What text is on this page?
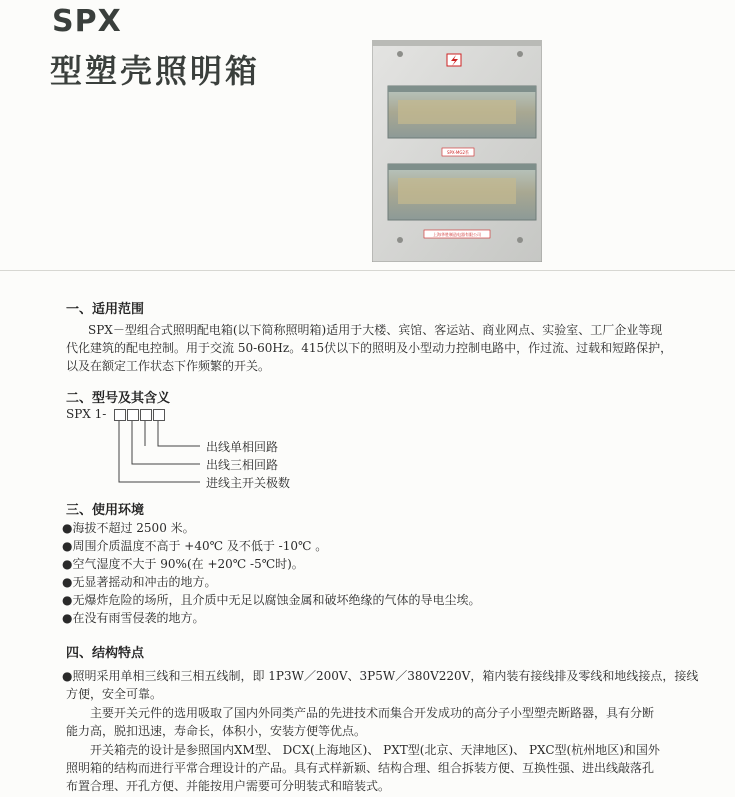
SPX
型塑壳照明箱
SPX-MG2系
上海华胜制造电器有限公司
一、适用范围
SPX－型组合式照明配电箱(以下简称照明箱)适用于大楼、宾馆、客运站、商业网点、实验室、工厂企业等现
代化建筑的配电控制。用于交流 50-60Hz。415伏以下的照明及小型动力控制电路中，作过流、过载和短路保护，
以及在额定工作状态下作频繁的开关。
二、型号及其含义
SPX 1-
出线单相回路
出线三相回路
进线主开关极数
三、使用环境
●海拔不超过 2500 米。
●周围介质温度不高于 +40℃ 及不低于 -10℃ 。
●空气湿度不大于 90%(在 +20℃ -5℃时)。
●无显著摇动和冲击的地方。
●无爆炸危险的场所，且介质中无足以腐蚀金属和破坏绝缘的气体的导电尘埃。
●在没有雨雪侵袭的地方。
四、结构特点
●照明采用单相三线和三相五线制，即 1P3W／200V、3P5W／380V220V，箱内装有接线排及零线和地线接点，接线
方便，安全可靠。
主要开关元件的选用吸取了国内外同类产品的先进技术而集合开发成功的高分子小型塑壳断路器，具有分断
能力高，脱扣迅速，寿命长，体积小，安装方便等优点。
开关箱壳的设计是参照国内XM型、 DCX(上海地区)、 PXT型(北京、天津地区)、 PXC型(杭州地区)和国外
照明箱的结构而进行平常合理设计的产品。具有式样新颖、结构合理、组合拆装方便、互换性强、进出线敲落孔
布置合理、开孔方便、并能按用户需要可分明装式和暗装式。
